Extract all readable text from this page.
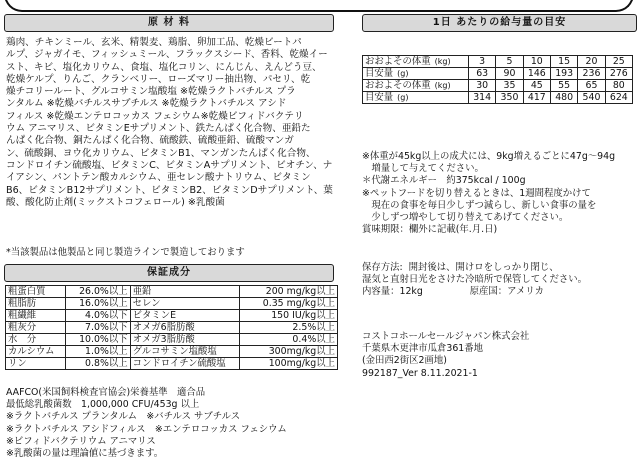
原 材 料
鶏肉、チキンミール、玄米、精製麦、鶏脂、卵加工品、乾燥ビートパ
ルプ、ジャガイモ、フィッシュミール、フラックスシード、香料、乾燥イー
スト、キビ、塩化カリウム、食塩、塩化コリン、にんじん、えんどう豆、
乾燥ケルプ、りんご、クランベリー、ローズマリー抽出物、パセリ、乾
燥チコリールート、グルコサミン塩酸塩 ※乾燥ラクトバチルス プラ
ンタルム ※乾燥バチルスサブチルス ※乾燥ラクトバチルス アシド
フィルス ※乾燥エンテロコッカス フェシウム※乾燥ビフィドバクテリ
ウム アニマリス、ビタミンEサプリメント、鉄たんぱく化合物、亜鉛た
んぱく化合物、銅たんぱく化合物、硫酸鉄、硫酸亜鉛、硫酸マンガ
ン、硫酸銅、ヨウ化カリウム、ビタミンB1、マンガンたんぱく化合物、
コンドロイチン硫酸塩、ビタミンC、ビタミンAサプリメント、ビオチン、ナ
イアシン、パントテン酸カルシウム、亜セレン酸ナトリウム、ビタミン
B6、ビタミンB12サプリメント、ビタミンB2、ビタミンDサプリメント、葉
酸、酸化防止剤(ミックストコフェロール) ※乳酸菌
*当該製品は他製品と同じ製造ラインで製造しております
保証成分
粗蛋白質	26.0%以上	亜鉛	200 mg/kg以上
粗脂肪	16.0%以上	セレン	0.35 mg/kg以上
粗繊維	4.0%以下	ビタミンE	150 IU/kg以上
粗灰分	7.0%以下	オメガ6脂肪酸	2.5%以上
水　分	10.0%以下	オメガ3脂肪酸	0.4%以上
カルシウム	1.0%以上	グルコサミン塩酸塩	300mg/kg以上
リン	0.8%以上	コンドロイチン硫酸塩	100mg/kg以上
AAFCO(米国飼料検査官協会)栄養基準　適合品
最低総乳酸菌数　1,000,000 CFU/453g 以上
※ラクトバチルス プランタルム　※バチルス サブチルス
※ラクトバチルス アシドフィルス　※エンテロコッカス フェシウム
※ビフィドバクテリウム アニマリス
※乳酸菌の量は理論値に基づきます。
1日 あたりの給与量の目安
おおよその体重 (kg)	3	5	10	15	20	25
目安量 (g)	63	90	146	193	236	276
おおよその体重 (kg)	30	35	45	55	65	80
目安量 (g)	314	350	417	480	540	624
※体重が45kg以上の成犬には、9kg増えるごとに47g〜94g
　増量して与えてください。
＊代謝エネルギー　約375kcal / 100g
※ペットフードを切り替えるときは、1週間程度かけて
　現在の食事を毎日少しずつ減らし、新しい食事の量を
　少しずつ増やして切り替えてあげてください。
賞味期限：欄外に記載(年.月.日)
保存方法:  開封後は、開けロをしっかり閉じ、
湿気と直射日光をさけた冷暗所で保管してください。
内容量：12kg　　　　　原産国：アメリカ
コストコホールセールジャパン株式会社
千葉県木更津市瓜倉361番地
(金田西2街区2画地)
992187_Ver 8.11.2021-1
